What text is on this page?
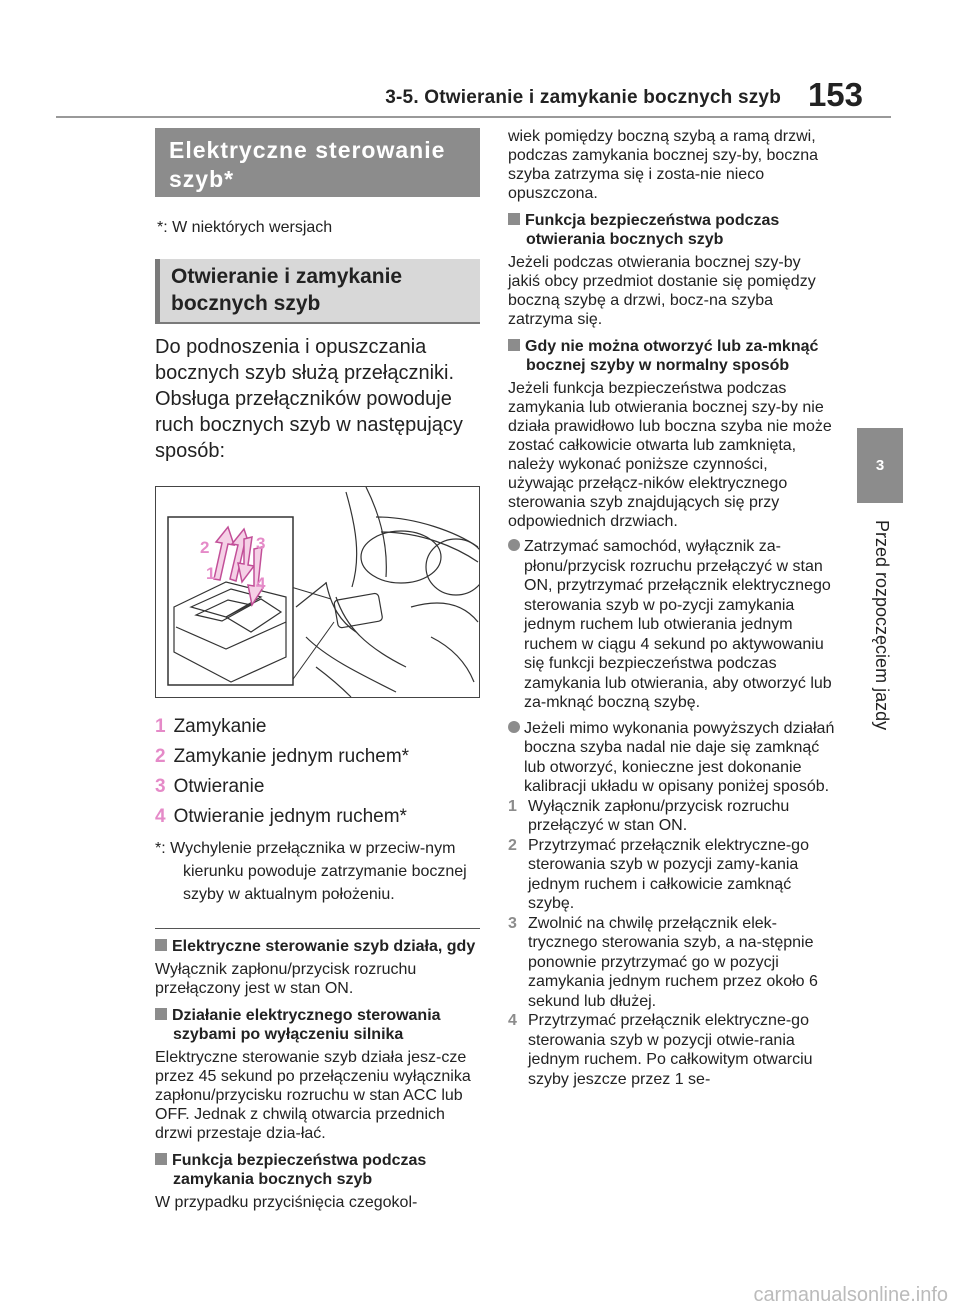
3-5. Otwieranie i zamykanie bocznych szyb 153
3
Przed rozpoczęciem jazdy
Elektryczne sterowanie
szyb*
*: W niektórych wersjach
Otwieranie i zamykanie
bocznych szyb
Do podnoszenia i opuszczania
bocznych szyb służą przełączniki.
Obsługa przełączników powoduje
ruch bocznych szyb w następujący
sposób:
2
1
3
4
1 Zamykanie
2 Zamykanie jednym ruchem*
3 Otwieranie
4 Otwieranie jednym ruchem*
*: Wychylenie przełącznika w przeciw-nym kierunku powoduje zatrzymanie bocznej szyby w aktualnym położeniu.
Elektryczne sterowanie szyb działa, gdy
Wyłącznik zapłonu/przycisk rozruchu przełączony jest w stan ON.
Działanie elektrycznego sterowania szybami po wyłączeniu silnika
Elektryczne sterowanie szyb działa jesz-cze przez 45 sekund po przełączeniu wyłącznika zapłonu/przycisku rozruchu w stan ACC lub OFF. Jednak z chwilą otwarcia przednich drzwi przestaje dzia-łać.
Funkcja bezpieczeństwa podczas zamykania bocznych szyb
W przypadku przyciśnięcia czegokol-
wiek pomiędzy boczną szybą a ramą drzwi, podczas zamykania bocznej szy-by, boczna szyba zatrzyma się i zosta-nie nieco opuszczona.
Funkcja bezpieczeństwa podczas otwierania bocznych szyb
Jeżeli podczas otwierania bocznej szy-by jakiś obcy przedmiot dostanie się pomiędzy boczną szybę a drzwi, bocz-na szyba zatrzyma się.
Gdy nie można otworzyć lub za-mknąć bocznej szyby w normalny sposób
Jeżeli funkcja bezpieczeństwa podczas zamykania lub otwierania bocznej szy-by nie działa prawidłowo lub boczna szyba nie może zostać całkowicie otwarta lub zamknięta, należy wykonać poniższe czynności, używając przełącz-ników elektrycznego sterowania szyb znajdujących się przy odpowiednich drzwiach.
Zatrzymać samochód, wyłącznik za-płonu/przycisk rozruchu przełączyć w stan ON, przytrzymać przełącznik elektrycznego sterowania szyb w po-zycji zamykania jednym ruchem lub otwierania jednym ruchem w ciągu 4 sekund po aktywowaniu się funkcji bezpieczeństwa podczas zamykania lub otwierania, aby otworzyć lub za-mknąć boczną szybę.
Jeżeli mimo wykonania powyższych działań boczna szyba nadal nie daje się zamknąć lub otworzyć, konieczne jest dokonanie kalibracji układu w opisany poniżej sposób.
1 Wyłącznik zapłonu/przycisk rozruchu przełączyć w stan ON.
2 Przytrzymać przełącznik elektryczne-go sterowania szyb w pozycji zamy-kania jednym ruchem i całkowicie zamknąć szybę.
3 Zwolnić na chwilę przełącznik elek-trycznego sterowania szyb, a na-stępnie ponownie przytrzymać go w pozycji zamykania jednym ruchem przez około 6 sekund lub dłużej.
4 Przytrzymać przełącznik elektryczne-go sterowania szyb w pozycji otwie-rania jednym ruchem. Po całkowitym otwarciu szyby jeszcze przez 1 se-
carmanualsonline.info
